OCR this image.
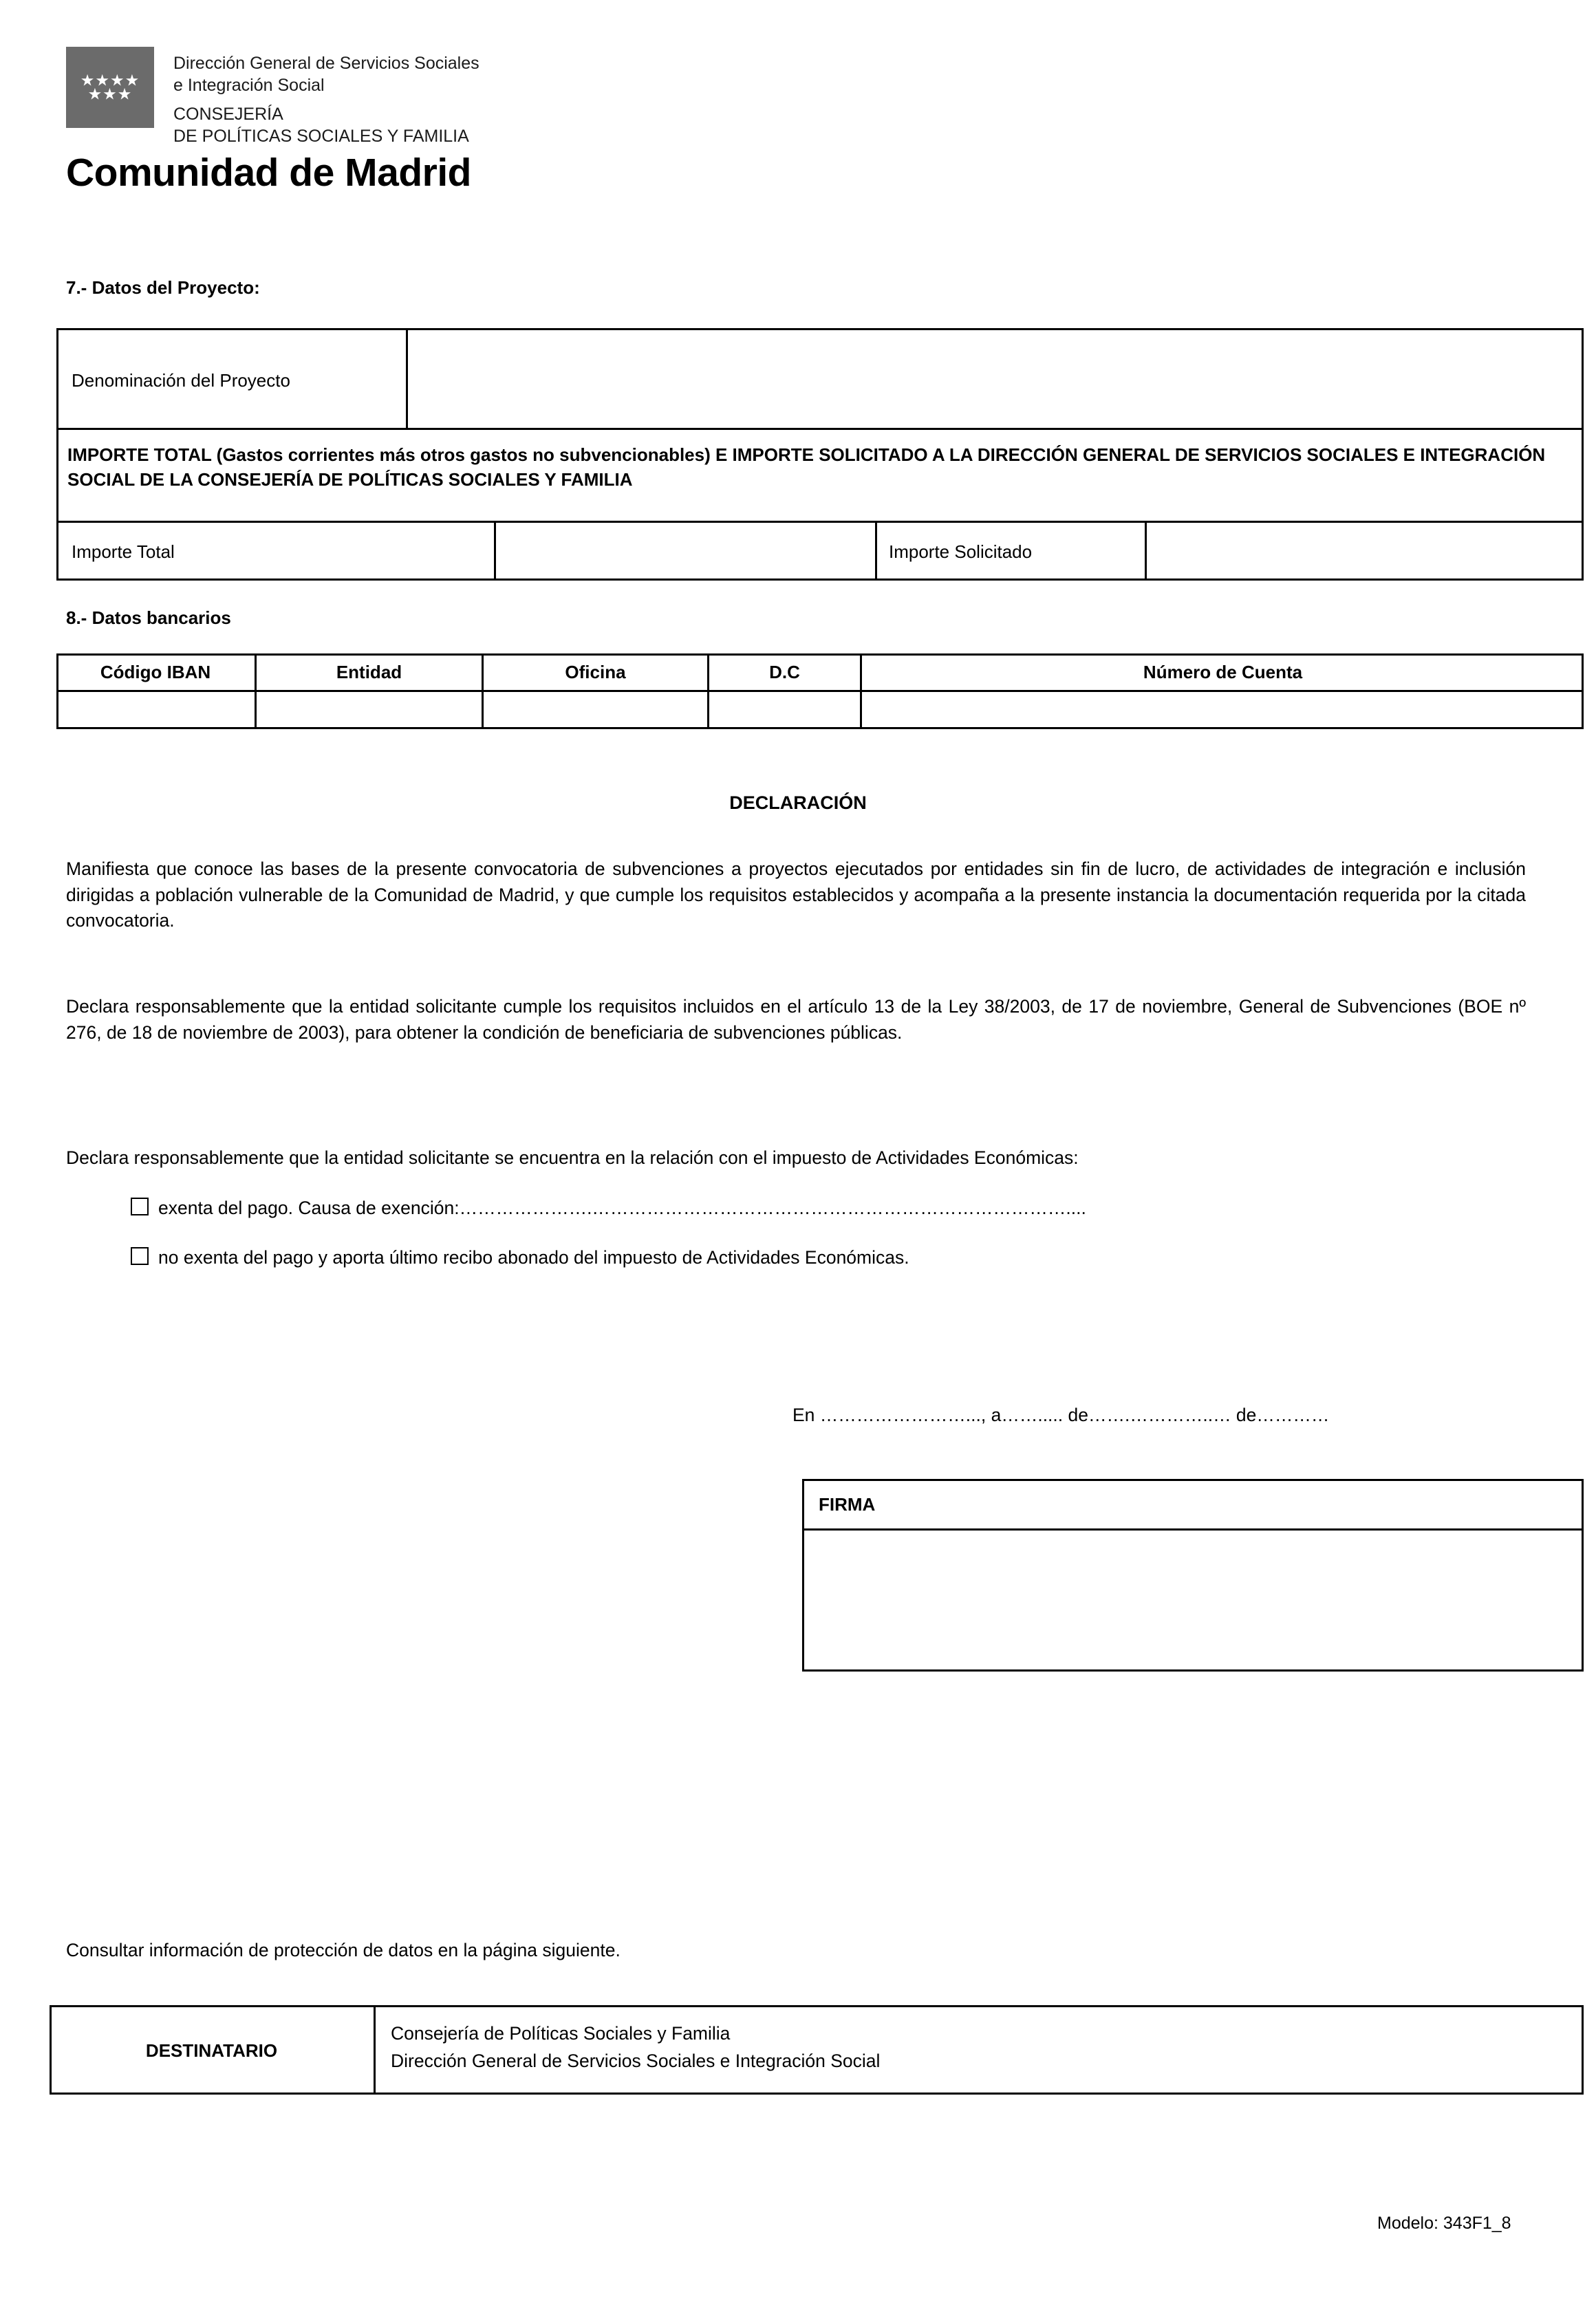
★★★★
★★★
Dirección General de Servicios Sociales
e Integración Social
CONSEJERÍA
DE POLÍTICAS SOCIALES Y FAMILIA
Comunidad de Madrid
7.- Datos del Proyecto:
Denominación del Proyecto
IMPORTE TOTAL (Gastos corrientes más otros gastos no subvencionables) E IMPORTE SOLICITADO A LA DIRECCIÓN GENERAL DE SERVICIOS SOCIALES E INTEGRACIÓN SOCIAL DE LA CONSEJERÍA DE POLÍTICAS SOCIALES Y FAMILIA
Importe Total	Importe Solicitado
8.- Datos bancarios
Código IBAN	Entidad	Oficina	D.C	Número de Cuenta
DECLARACIÓN
Manifiesta que conoce las bases de la presente convocatoria de subvenciones a proyectos ejecutados por entidades sin fin de lucro, de actividades de integración e inclusión dirigidas a población vulnerable de la Comunidad de Madrid, y que cumple los requisitos establecidos y acompaña a la presente instancia la documentación requerida por la citada convocatoria.
Declara responsablemente que la entidad solicitante cumple los requisitos incluidos en el artículo 13 de la Ley 38/2003, de 17 de noviembre, General de Subvenciones (BOE nº 276, de 18 de noviembre de 2003), para obtener la condición de beneficiaria de subvenciones públicas.
Declara responsablemente que la entidad solicitante se encuentra en la relación con el impuesto de Actividades Económicas:
exenta del pago. Causa de exención:………………….……………………………………………………………………....
no exenta del pago y aporta último recibo abonado del impuesto de Actividades Económicas.
En ……………………..., a……..... de…….…………..… de…………
FIRMA
Consultar información de protección de datos en la página siguiente.
DESTINATARIO
Consejería de Políticas Sociales y Familia
Dirección General de Servicios Sociales e Integración Social
Modelo: 343F1_8
